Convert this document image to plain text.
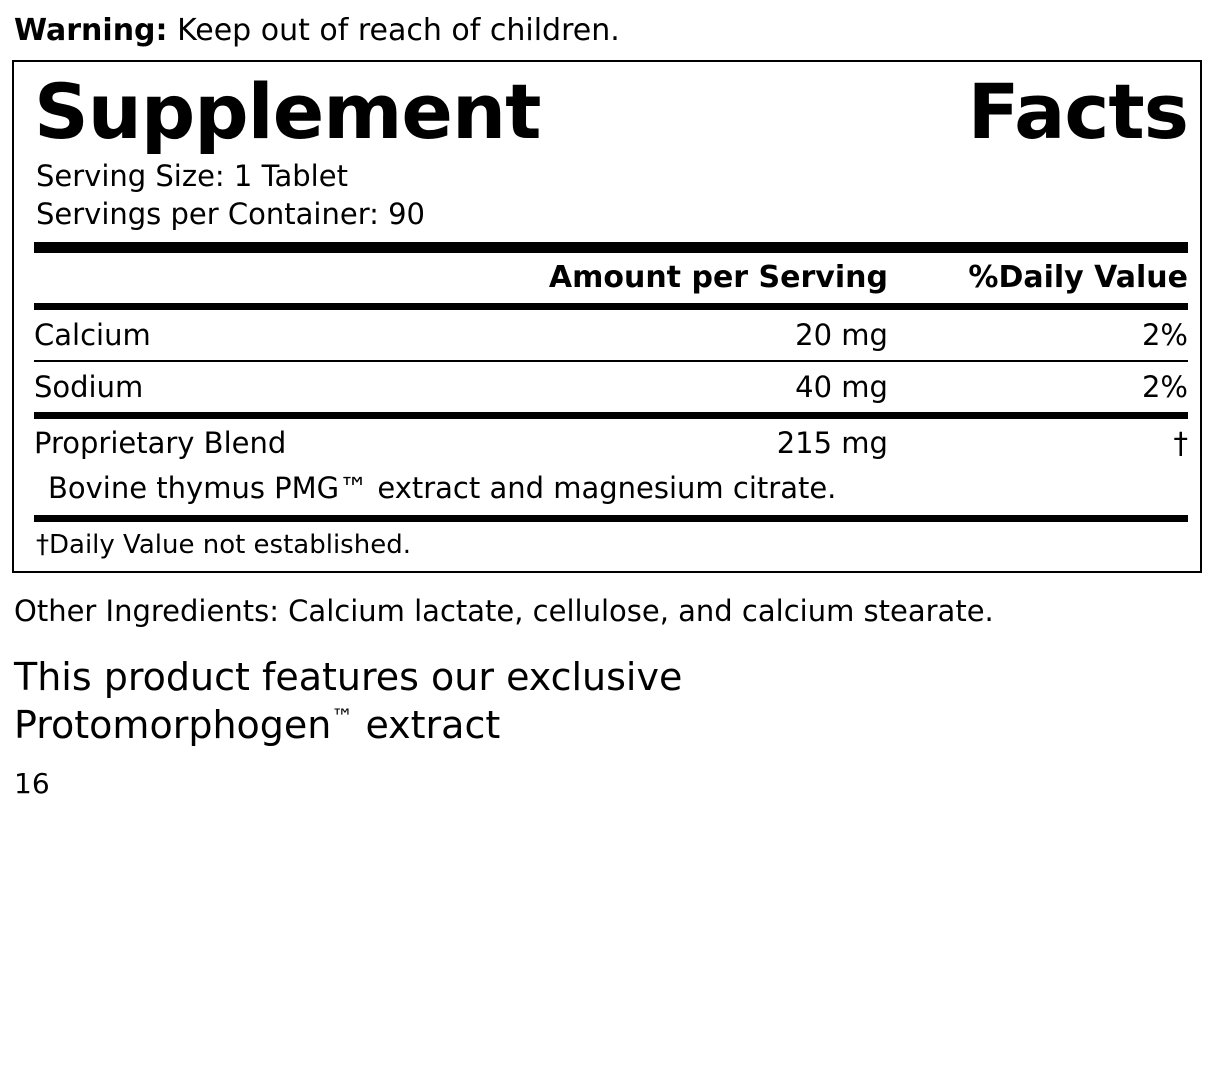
Warning: Keep out of reach of children.
Supplement	Facts
Serving Size: 1 Tablet
Servings per Container: 90
	Amount per Serving	%Daily Value
Calcium	20 mg	2%
Sodium	40 mg	2%
Proprietary Blend	215 mg	†
Bovine thymus PMG™ extract and magnesium citrate.
†Daily Value not established.
Other Ingredients: Calcium lactate, cellulose, and calcium stearate.
This product features our exclusive
Protomorphogen™ extract
16
